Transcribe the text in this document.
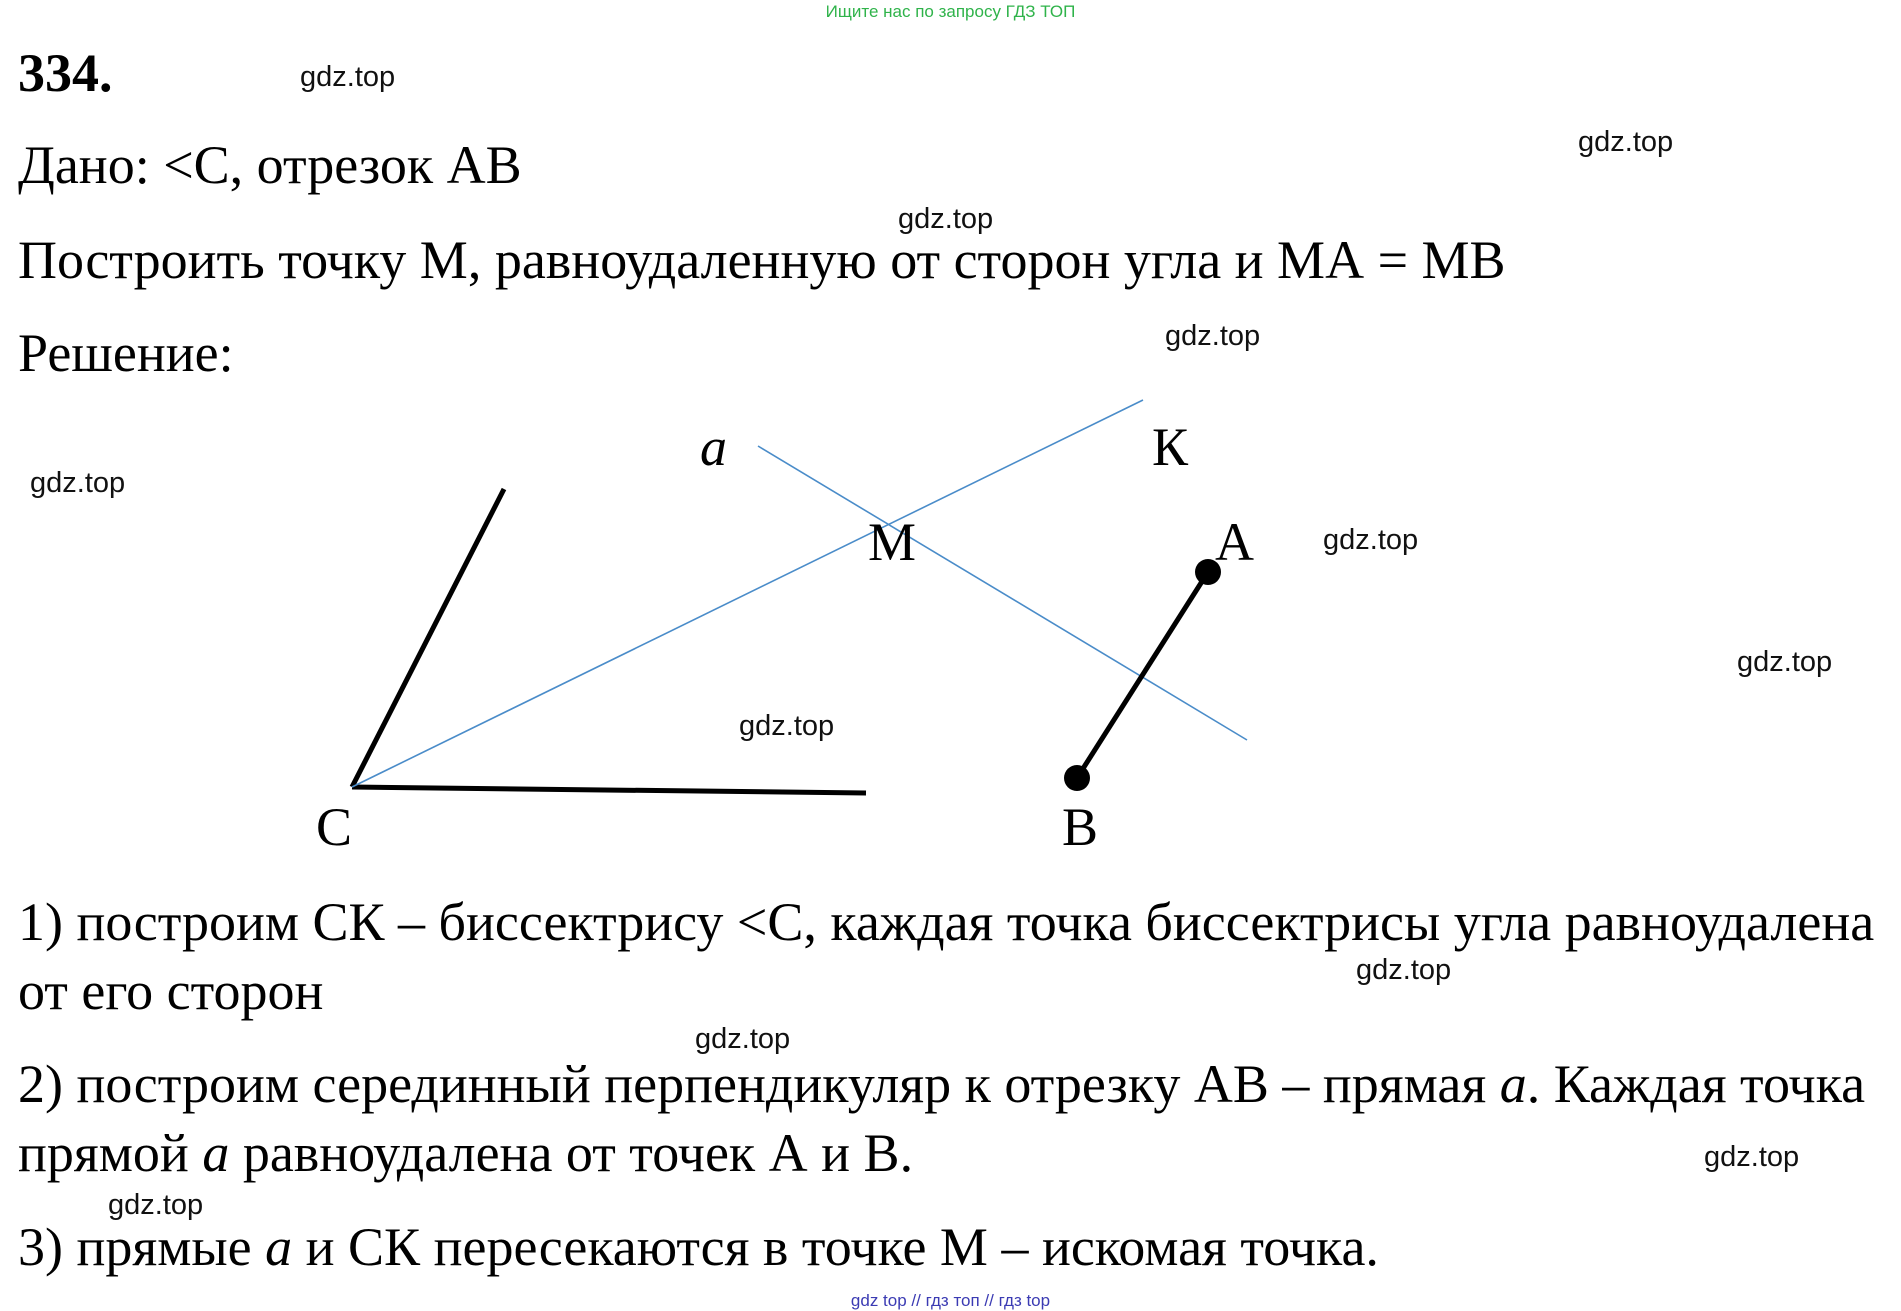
Ищите нас по запросу ГДЗ ТОП
334.
Дано: <С, отрезок АВ
Построить точку М, равноудаленную от сторон угла и МА = МВ
Решение:
a	К
М	А
С	В
1) построим СК – биссектрису <С, каждая точка биссектрисы угла равноудалена от его сторон
2) построим серединный перпендикуляр к отрезку АВ – прямая a. Каждая точка прямой a равноудалена от точек А и В.
3) прямые a и СК пересекаются в точке М – искомая точка.
gdz.top
gdz.top
gdz.top
gdz.top
gdz.top
gdz.top
gdz.top
gdz.top
gdz.top
gdz.top
gdz.top
gdz.top
gdz top // гдз топ // гдз top
